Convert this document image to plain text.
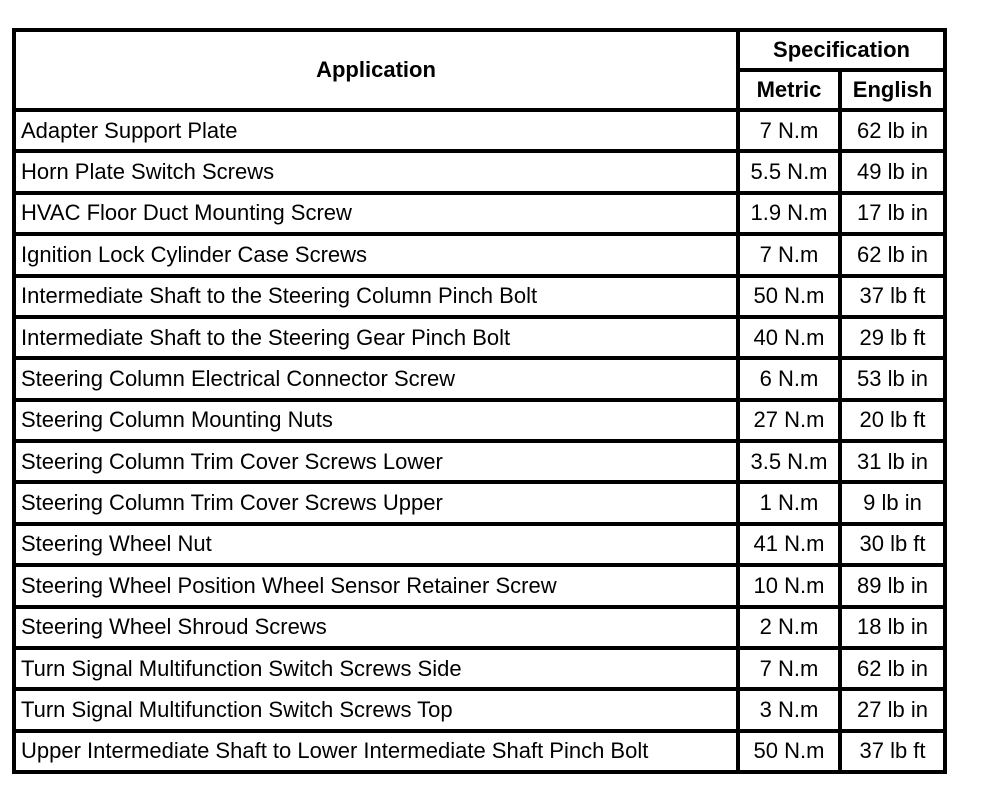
Application	Specification	
	Metric	English
Adapter Support Plate	7 N.m	62 lb in
Horn Plate Switch Screws	5.5 N.m	49 lb in
HVAC Floor Duct Mounting Screw	1.9 N.m	17 lb in
Ignition Lock Cylinder Case Screws	7 N.m	62 lb in
Intermediate Shaft to the Steering Column Pinch Bolt	50 N.m	37 lb ft
Intermediate Shaft to the Steering Gear Pinch Bolt	40 N.m	29 lb ft
Steering Column Electrical Connector Screw	6 N.m	53 lb in
Steering Column Mounting Nuts	27 N.m	20 lb ft
Steering Column Trim Cover Screws Lower	3.5 N.m	31 lb in
Steering Column Trim Cover Screws Upper	1 N.m	9 lb in
Steering Wheel Nut	41 N.m	30 lb ft
Steering Wheel Position Wheel Sensor Retainer Screw	10 N.m	89 lb in
Steering Wheel Shroud Screws	2 N.m	18 lb in
Turn Signal Multifunction Switch Screws Side	7 N.m	62 lb in
Turn Signal Multifunction Switch Screws Top	3 N.m	27 lb in
Upper Intermediate Shaft to Lower Intermediate Shaft Pinch Bolt	50 N.m	37 lb ft
